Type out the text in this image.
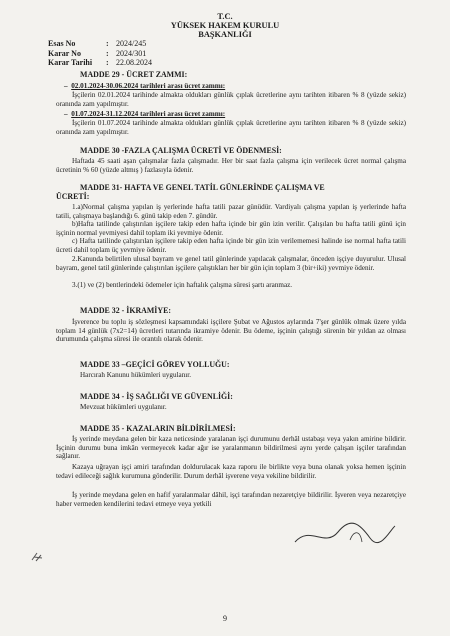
T.C.
YÜKSEK HAKEM KURULU
BAŞKANLIĞI
Esas No	: 2024/245
Karar No	: 2024/301
Karar Tarihi	: 22.08.2024
MADDE 29 - ÜCRET ZAMMI:
–  02.01.2024-30.06.2024 tarihleri arası ücret zammı:
İşçilerin 02.01.2024 tarihinde almakta oldukları günlük çıplak ücretlerine aynı tarihten itibaren % 8 (yüzde sekiz) oranında zam yapılmıştır.
–  01.07.2024-31.12.2024 tarihleri arası ücret zammı:
İşçilerin 01.07.2024 tarihinde almakta oldukları günlük çıplak ücretlerine aynı tarihten itibaren % 8 (yüzde sekiz) oranında zam yapılmıştır.
MADDE 30 -FAZLA ÇALIŞMA ÜCRETİ VE ÖDENMESİ:
Haftada 45 saati aşan çalışmalar fazla çalışmadır. Her bir saat fazla çalışma için verilecek ücret normal çalışma ücretinin % 60 (yüzde altmış ) fazlasıyla ödenir.
MADDE 31- HAFTA VE GENEL TATİL GÜNLERİNDE ÇALIŞMA VE
ÜCRETİ:
1.a)Normal çalışma yapılan iş yerlerinde hafta tatili pazar günüdür. Vardiyalı çalışma yapılan iş yerlerinde hafta tatili, çalışmaya başlandığı 6. günü takip eden 7. gündür.
b)Hafta tatilinde çalıştırılan işçilere takip eden hafta içinde bir gün izin verilir. Çalışılan bu hafta tatili günü için işçinin normal yevmiyesi dahil toplam iki yevmiye ödenir.
c) Hafta tatilinde çalıştırılan işçilere takip eden hafta içinde bir gün izin verilememesi halinde ise normal hafta tatili ücreti dahil toplam üç yevmiye ödenir.
2.Kanunda belirtilen ulusal bayram ve genel tatil günlerinde yapılacak çalışmalar, önceden işçiye duyurulur. Ulusal bayram, genel tatil günlerinde çalıştırılan işçilere çalıştıkları her bir gün için toplam 3 (bir+iki) yevmiye ödenir.
3.(1) ve (2) bentlerindeki ödemeler için haftalık çalışma süresi şartı aranmaz.
MADDE 32 - İKRAMİYE:
İşverence bu toplu iş sözleşmesi kapsamındaki işçilere Şubat ve Ağustos aylarında 7'şer günlük olmak üzere yılda toplam 14 günlük (7x2=14) ücretleri tutarında ikramiye ödenir. Bu ödeme, işçinin çalıştığı sürenin bir yıldan az olması durumunda çalışma süresi ile orantılı olarak ödenir.
MADDE 33 –GEÇİCİ GÖREV YOLLUĞU:
Harcırah Kanunu hükümleri uygulanır.
MADDE 34 - İŞ SAĞLIĞI VE GÜVENLİĞİ:
Mevzuat hükümleri uygulanır.
MADDE 35 - KAZALARIN BİLDİRİLMESİ:
İş yerinde meydana gelen bir kaza neticesinde yaralanan işçi durumunu derhâl ustabaşı veya yakın amirine bildirir. İşçinin durumu buna imkân vermeyecek kadar ağır ise yaralanmanın bildirilmesi aynı yerde çalışan işçiler tarafından sağlanır.
Kazaya uğrayan işçi amiri tarafından doldurulacak kaza raporu ile birlikte veya buna olanak yoksa hemen işçinin tedavi edileceği sağlık kurumuna gönderilir. Durum derhâl işverene veya vekiline bildirilir.
İş yerinde meydana gelen en hafif yaralanmalar dâhil, işçi tarafından nezaretçiye bildirilir. İşveren veya nezaretçiye haber vermeden kendilerini tedavi etmeye veya yetkili
9
